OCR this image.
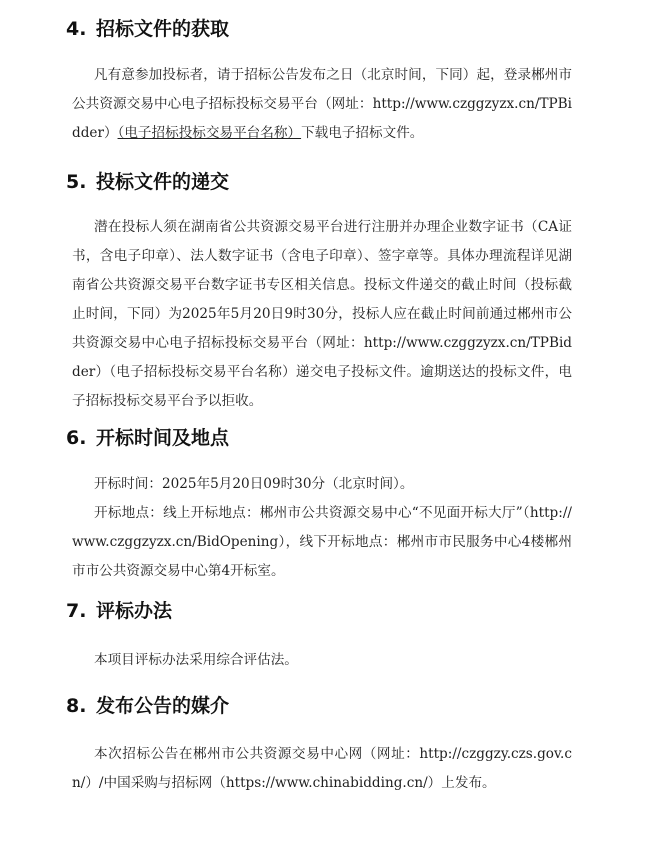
4. 招标文件的获取

凡有意参加投标者，请于招标公告发布之日（北京时间，下同）起，登录郴州市公共资源交易中心电子招标投标交易平台（网址：http://www.czggzyzx.cn/TPBidder）（电子招标投标交易平台名称）下载电子招标文件。

5. 投标文件的递交

潜在投标人须在湖南省公共资源交易平台进行注册并办理企业数字证书（CA证书，含电子印章）、法人数字证书（含电子印章）、签字章等。具体办理流程详见湖南省公共资源交易平台数字证书专区相关信息。投标文件递交的截止时间（投标截止时间，下同）为2025年5月20日9时30分，投标人应在截止时间前通过郴州市公共资源交易中心电子招标投标交易平台（网址：http://www.czggzyzx.cn/TPBidder）（电子招标投标交易平台名称）递交电子投标文件。逾期送达的投标文件，电子招标投标交易平台予以拒收。

6. 开标时间及地点

开标时间：2025年5月20日09时30分（北京时间）。

开标地点：线上开标地点：郴州市公共资源交易中心“不见面开标大厅”（http://www.czggzyzx.cn/BidOpening），线下开标地点：郴州市市民服务中心4楼郴州市市公共资源交易中心第4开标室。

7. 评标办法

本项目评标办法采用综合评估法。

8. 发布公告的媒介

本次招标公告在郴州市公共资源交易中心网（网址：http://czggzy.czs.gov.cn/）/中国采购与招标网（https://www.chinabidding.cn/）上发布。
